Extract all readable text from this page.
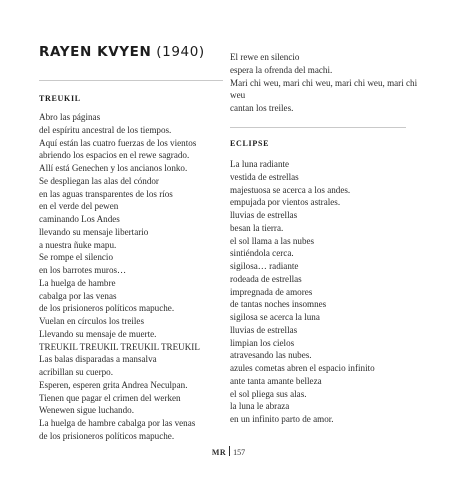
RAYEN KVYEN (1940)
TREUKIL
Abro las páginas
del espíritu ancestral de los tiempos.
Aquí están las cuatro fuerzas de los vientos
abriendo los espacios en el rewe sagrado.
Allí está Genechen y los ancianos lonko.
Se despliegan las alas del cóndor
en las aguas transparentes de los ríos
en el verde del pewen
caminando Los Andes
llevando su mensaje libertario
a nuestra ñuke mapu.
Se rompe el silencio
en los barrotes muros…
La huelga de hambre
cabalga por las venas
de los prisioneros políticos mapuche.
Vuelan en círculos los treiles
Llevando su mensaje de muerte.
TREUKIL TREUKIL TREUKIL TREUKIL
Las balas disparadas a mansalva
acribillan su cuerpo.
Esperen, esperen grita Andrea Neculpan.
Tienen que pagar el crimen del werken
Wenewen sigue luchando.
La huelga de hambre cabalga por las venas
de los prisioneros políticos mapuche.
El rewe en silencio
espera la ofrenda del machi.
Mari chi weu, mari chi weu, mari chi weu, mari chi
weu
cantan los treiles.
ECLIPSE
La luna radiante
vestida de estrellas
majestuosa se acerca a los andes.
empujada por vientos astrales.
lluvias de estrellas
besan la tierra.
el sol llama a las nubes
sintiéndola cerca.
sigilosa… radiante
rodeada de estrellas
impregnada de amores
de tantas noches insomnes
sigilosa se acerca la luna
lluvias de estrellas
limpian los cielos
atravesando las nubes.
azules cometas abren el espacio infinito
ante tanta amante belleza
el sol pliega sus alas.
la luna le abraza
en un infinito parto de amor.
MR 157
